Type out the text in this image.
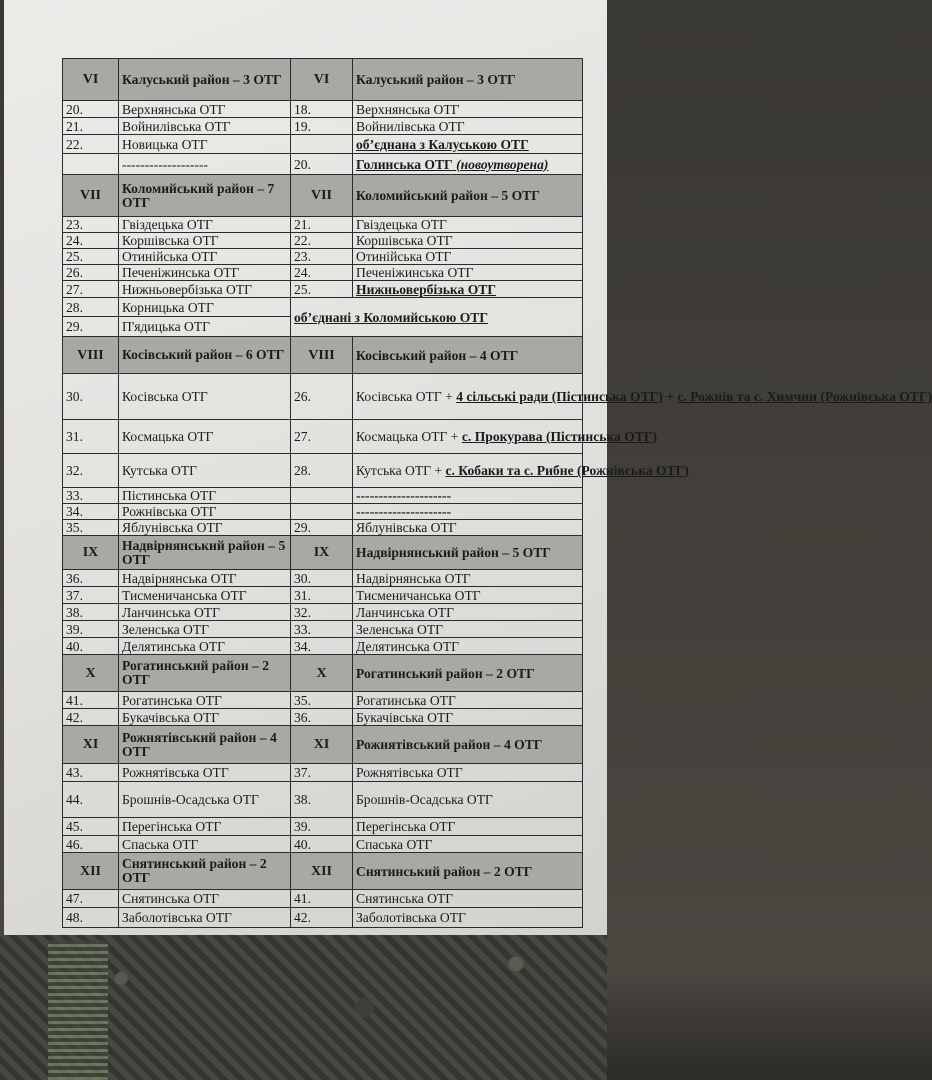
VI	Калуський район – 3 ОТГ	VI	Калуський район – 3 ОТГ
20.	Верхнянська ОТГ	18.	Верхнянська ОТГ
21.	Войнилівська ОТГ	19.	Войнилівська ОТГ
22.	Новицька ОТГ		об’єднана з Калуською ОТГ
	-------------------	20.	Голинська ОТГ (новоутворена)
VII	Коломийський район – 7 ОТГ	VII	Коломийський район – 5 ОТГ
23.	Гвіздецька ОТГ	21.	Гвіздецька ОТГ
24.	Коршівська ОТГ	22.	Коршівська ОТГ
25.	Отинійська ОТГ	23.	Отинійська ОТГ
26.	Печеніжинська ОТГ	24.	Печеніжинська ОТГ
27.	Нижньовербізька ОТГ	25.	Нижньовербізька ОТГ
28.	Корницька ОТГ	об’єднані з Коломийською ОТГ	
29.	П'ядицька ОТГ		
VIII	Косівський район – 6 ОТГ	VIII	Косівський район – 4 ОТГ
30.	Косівська ОТГ	26.	Косівська ОТГ + 4 сільські ради (Пістинська ОТГ) + с. Рожнів та с. Химчин (Рожнівська ОТГ)
31.	Космацька ОТГ	27.	Космацька ОТГ + с. Прокурава (Пістинська ОТГ)
32.	Кутська ОТГ	28.	Кутська ОТГ + с. Кобаки та с. Рибне (Рожнівська ОТГ)
33.	Пістинська ОТГ		---------------------
34.	Рожнівська ОТГ		---------------------
35.	Яблунівська ОТГ	29.	Яблунівська ОТГ
IX	Надвірнянський район – 5 ОТГ	IX	Надвірнянський район – 5 ОТГ
36.	Надвірнянська ОТГ	30.	Надвірнянська ОТГ
37.	Тисменичанська ОТГ	31.	Тисменичанська ОТГ
38.	Ланчинська ОТГ	32.	Ланчинська ОТГ
39.	Зеленська ОТГ	33.	Зеленська ОТГ
40.	Делятинська ОТГ	34.	Делятинська ОТГ
X	Рогатинський район – 2 ОТГ	X	Рогатинський район – 2 ОТГ
41.	Рогатинська ОТГ	35.	Рогатинська ОТГ
42.	Букачівська ОТГ	36.	Букачівська ОТГ
XI	Рожнятівський район – 4 ОТГ	XI	Рожнятівський район – 4 ОТГ
43.	Рожнятівська ОТГ	37.	Рожнятівська ОТГ
44.	Брошнів-Осадська ОТГ	38.	Брошнів-Осадська ОТГ
45.	Перегінська ОТГ	39.	Перегінська ОТГ
46.	Спаська ОТГ	40.	Спаська ОТГ
XII	Снятинський район – 2 ОТГ	XII	Снятинський район – 2 ОТГ
47.	Снятинська ОТГ	41.	Снятинська ОТГ
48.	Заболотівська ОТГ	42.	Заболотівська ОТГ
